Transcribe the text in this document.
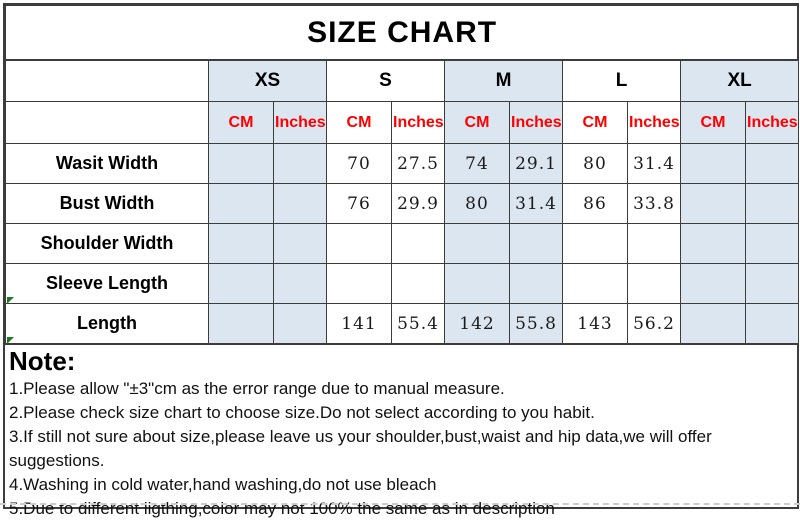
SIZE CHART										
	XS		S		M		L		XL	
	CM	Inches	CM	Inches	CM	Inches	CM	Inches	CM	Inches
Wasit Width			70	27.5	74	29.1	80	31.4		
Bust Width			76	29.9	80	31.4	86	33.8		
Shoulder Width										
Sleeve Length										
Length			141	55.4	142	55.8	143	56.2		
Note:

1.Please allow "±3"cm as the error range due to manual measure.

2.Please check size chart to choose size.Do not select according to you habit.

3.If still not sure about size,please leave us your shoulder,bust,waist and hip data,we will offer suggestions.

4.Washing in cold water,hand washing,do not use bleach

5.Due to different ligthing,color may not 100% the same as in description
